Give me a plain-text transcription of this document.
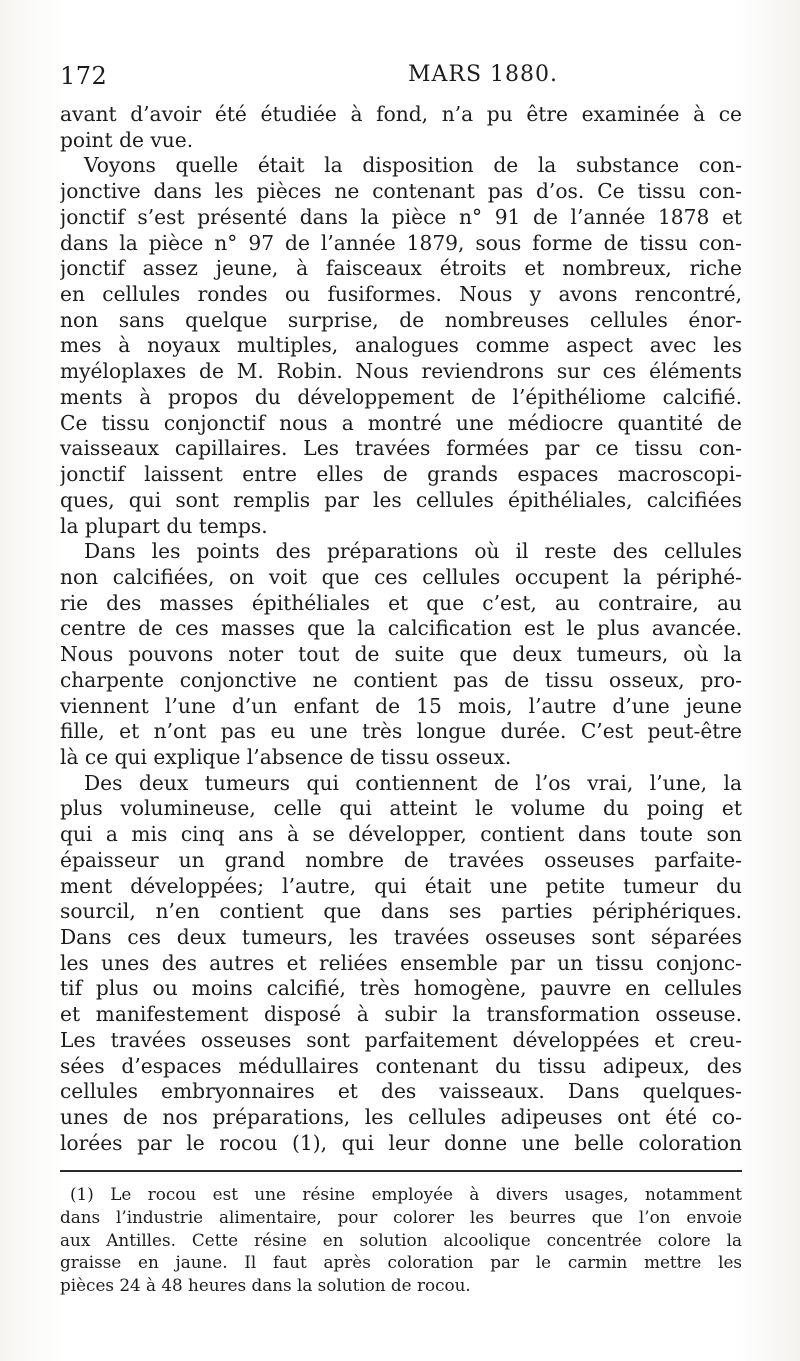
172	MARS 1880.
avant d’avoir été étudiée à fond, n’a pu être examinée à ce
point de vue.
Voyons quelle était la disposition de la substance con-
jonctive dans les pièces ne contenant pas d’os. Ce tissu con-
jonctif s’est présenté dans la pièce n° 91 de l’année 1878 et
dans la pièce n° 97 de l’année 1879, sous forme de tissu con-
jonctif assez jeune, à faisceaux étroits et nombreux, riche
en cellules rondes ou fusiformes. Nous y avons rencontré,
non sans quelque surprise, de nombreuses cellules énor-
mes à noyaux multiples, analogues comme aspect avec les
myéloplaxes de M. Robin. Nous reviendrons sur ces éléments
ments à propos du développement de l’épithéliome calcifié.
Ce tissu conjonctif nous a montré une médiocre quantité de
vaisseaux capillaires. Les travées formées par ce tissu con-
jonctif laissent entre elles de grands espaces macroscopi-
ques, qui sont remplis par les cellules épithéliales, calcifiées
la plupart du temps.
Dans les points des préparations où il reste des cellules
non calcifiées, on voit que ces cellules occupent la périphé-
rie des masses épithéliales et que c’est, au contraire, au
centre de ces masses que la calcification est le plus avancée.
Nous pouvons noter tout de suite que deux tumeurs, où la
charpente conjonctive ne contient pas de tissu osseux, pro-
viennent l’une d’un enfant de 15 mois, l’autre d’une jeune
fille, et n’ont pas eu une très longue durée. C’est peut-être
là ce qui explique l’absence de tissu osseux.
Des deux tumeurs qui contiennent de l’os vrai, l’une, la
plus volumineuse, celle qui atteint le volume du poing et
qui a mis cinq ans à se développer, contient dans toute son
épaisseur un grand nombre de travées osseuses parfaite-
ment développées; l’autre, qui était une petite tumeur du
sourcil, n’en contient que dans ses parties périphériques.
Dans ces deux tumeurs, les travées osseuses sont séparées
les unes des autres et reliées ensemble par un tissu conjonc-
tif plus ou moins calcifié, très homogène, pauvre en cellules
et manifestement disposé à subir la transformation osseuse.
Les travées osseuses sont parfaitement développées et creu-
sées d’espaces médullaires contenant du tissu adipeux, des
cellules embryonnaires et des vaisseaux. Dans quelques-
unes de nos préparations, les cellules adipeuses ont été co-
lorées par le rocou (1), qui leur donne une belle coloration
(1) Le rocou est une résine employée à divers usages, notamment
dans l’industrie alimentaire, pour colorer les beurres que l’on envoie
aux Antilles. Cette résine en solution alcoolique concentrée colore la
graisse en jaune. Il faut après coloration par le carmin mettre les
pièces 24 à 48 heures dans la solution de rocou.
